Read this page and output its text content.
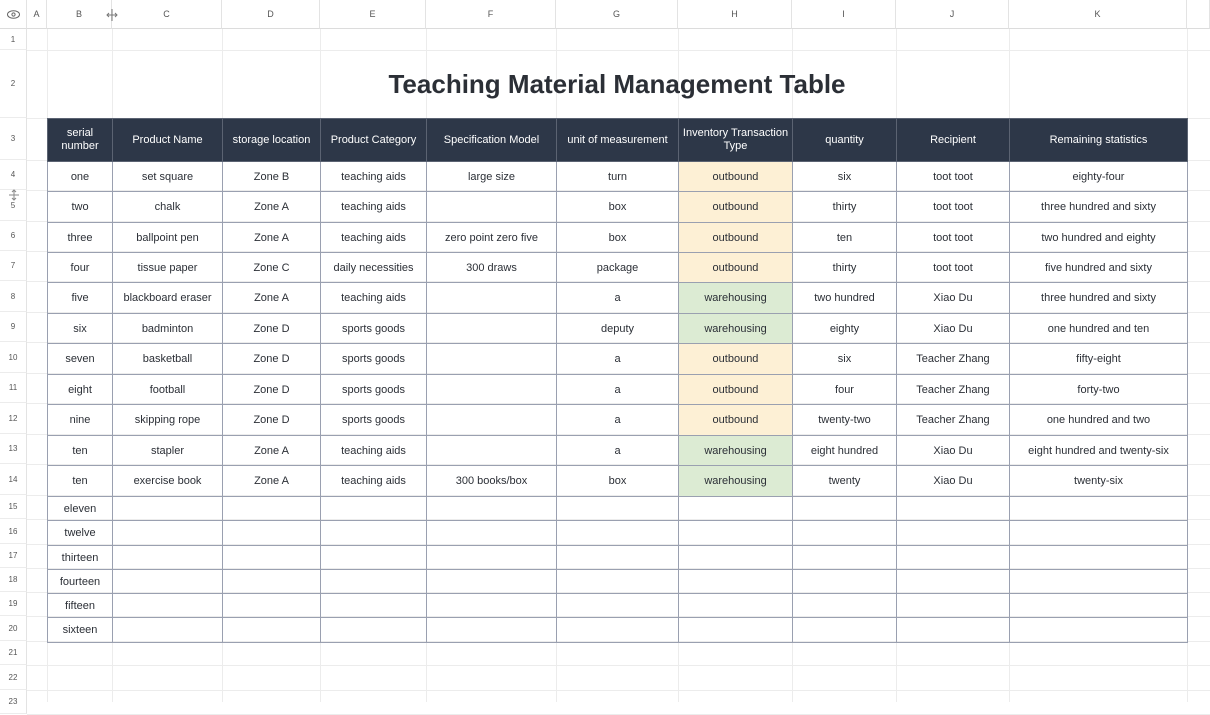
A	B	C	D	E	F	G	H	I	J	K
1
2
3
4
5
6
7
8
9
10
11
12
13
14
15
16
17
18
19
20
21
22
23
Teaching Material Management Table
serial number	Product Name	storage location	Product Category	Specification Model	unit of measurement	Inventory Transaction Type	quantity	Recipient	Remaining statistics
one	set square	Zone B	teaching aids	large size	turn	outbound	six	toot toot	eighty-four
two	chalk	Zone A	teaching aids		box	outbound	thirty	toot toot	three hundred and sixty
three	ballpoint pen	Zone A	teaching aids	zero point zero five	box	outbound	ten	toot toot	two hundred and eighty
four	tissue paper	Zone C	daily necessities	300 draws	package	outbound	thirty	toot toot	five hundred and sixty
five	blackboard eraser	Zone A	teaching aids		a	warehousing	two hundred	Xiao Du	three hundred and sixty
six	badminton	Zone D	sports goods		deputy	warehousing	eighty	Xiao Du	one hundred and ten
seven	basketball	Zone D	sports goods		a	outbound	six	Teacher Zhang	fifty-eight
eight	football	Zone D	sports goods		a	outbound	four	Teacher Zhang	forty-two
nine	skipping rope	Zone D	sports goods		a	outbound	twenty-two	Teacher Zhang	one hundred and two
ten	stapler	Zone A	teaching aids		a	warehousing	eight hundred	Xiao Du	eight hundred and twenty-six
ten	exercise book	Zone A	teaching aids	300 books/box	box	warehousing	twenty	Xiao Du	twenty-six
eleven									
twelve									
thirteen									
fourteen									
fifteen									
sixteen									
